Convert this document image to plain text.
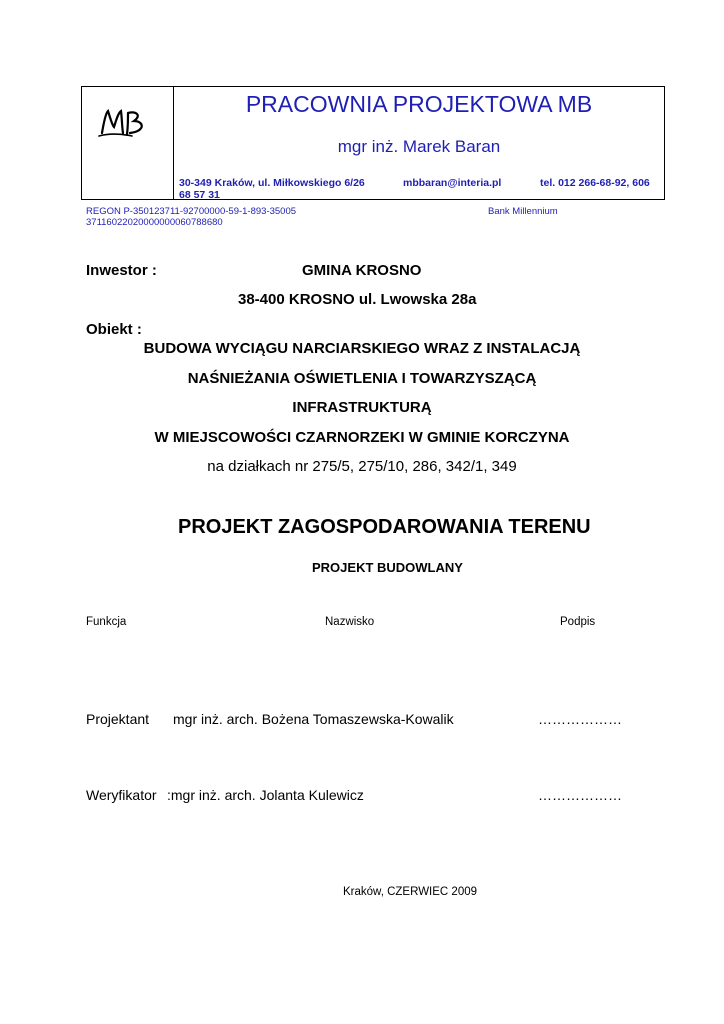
PRACOWNIA PROJEKTOWA MB
mgr inż. Marek Baran
30-349 Kraków, ul. Miłkowskiego 6/26	mbbaran@interia.pl	tel. 012 266-68-92, 606
68 57 31
REGON P-350123711-92700000-59-1-893-35005	Bank Millennium
37116022020000000060788680
Inwestor :	GMINA KROSNO
38-400 KROSNO ul. Lwowska 28a
Obiekt :
BUDOWA WYCIĄGU NARCIARSKIEGO WRAZ Z INSTALACJĄ
NAŚNIEŻANIA OŚWIETLENIA I TOWARZYSZĄCĄ
INFRASTRUKTURĄ
W MIEJSCOWOŚCI CZARNORZEKI W GMINIE KORCZYNA
na działkach nr 275/5, 275/10, 286, 342/1, 349
PROJEKT ZAGOSPODAROWANIA TERENU
PROJEKT BUDOWLANY
Funkcja	Nazwisko	Podpis
Projektant mgr inż. arch. Bożena Tomaszewska-Kowalik	………………
Weryfikator :mgr inż. arch. Jolanta Kulewicz	………………
Kraków, CZERWIEC 2009
